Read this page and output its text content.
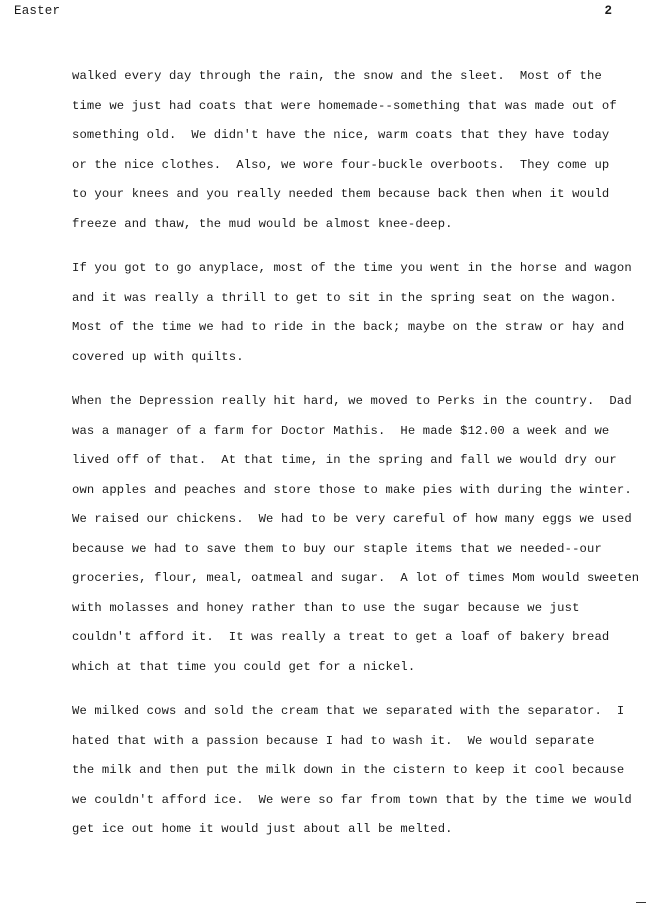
Easter	2
walked every day through the rain, the snow and the sleet.  Most of the
time we just had coats that were homemade--something that was made out of
something old.  We didn't have the nice, warm coats that they have today
or the nice clothes.  Also, we wore four-buckle overboots.  They come up
to your knees and you really needed them because back then when it would
freeze and thaw, the mud would be almost knee-deep.
If you got to go anyplace, most of the time you went in the horse and wagon
and it was really a thrill to get to sit in the spring seat on the wagon.
Most of the time we had to ride in the back; maybe on the straw or hay and
covered up with quilts.
When the Depression really hit hard, we moved to Perks in the country.  Dad
was a manager of a farm for Doctor Mathis.  He made $12.00 a week and we
lived off of that.  At that time, in the spring and fall we would dry our
own apples and peaches and store those to make pies with during the winter.
We raised our chickens.  We had to be very careful of how many eggs we used
because we had to save them to buy our staple items that we needed--our
groceries, flour, meal, oatmeal and sugar.  A lot of times Mom would sweeten
with molasses and honey rather than to use the sugar because we just
couldn't afford it.  It was really a treat to get a loaf of bakery bread
which at that time you could get for a nickel.
We milked cows and sold the cream that we separated with the separator.  I
hated that with a passion because I had to wash it.  We would separate
the milk and then put the milk down in the cistern to keep it cool because
we couldn't afford ice.  We were so far from town that by the time we would
get ice out home it would just about all be melted.
